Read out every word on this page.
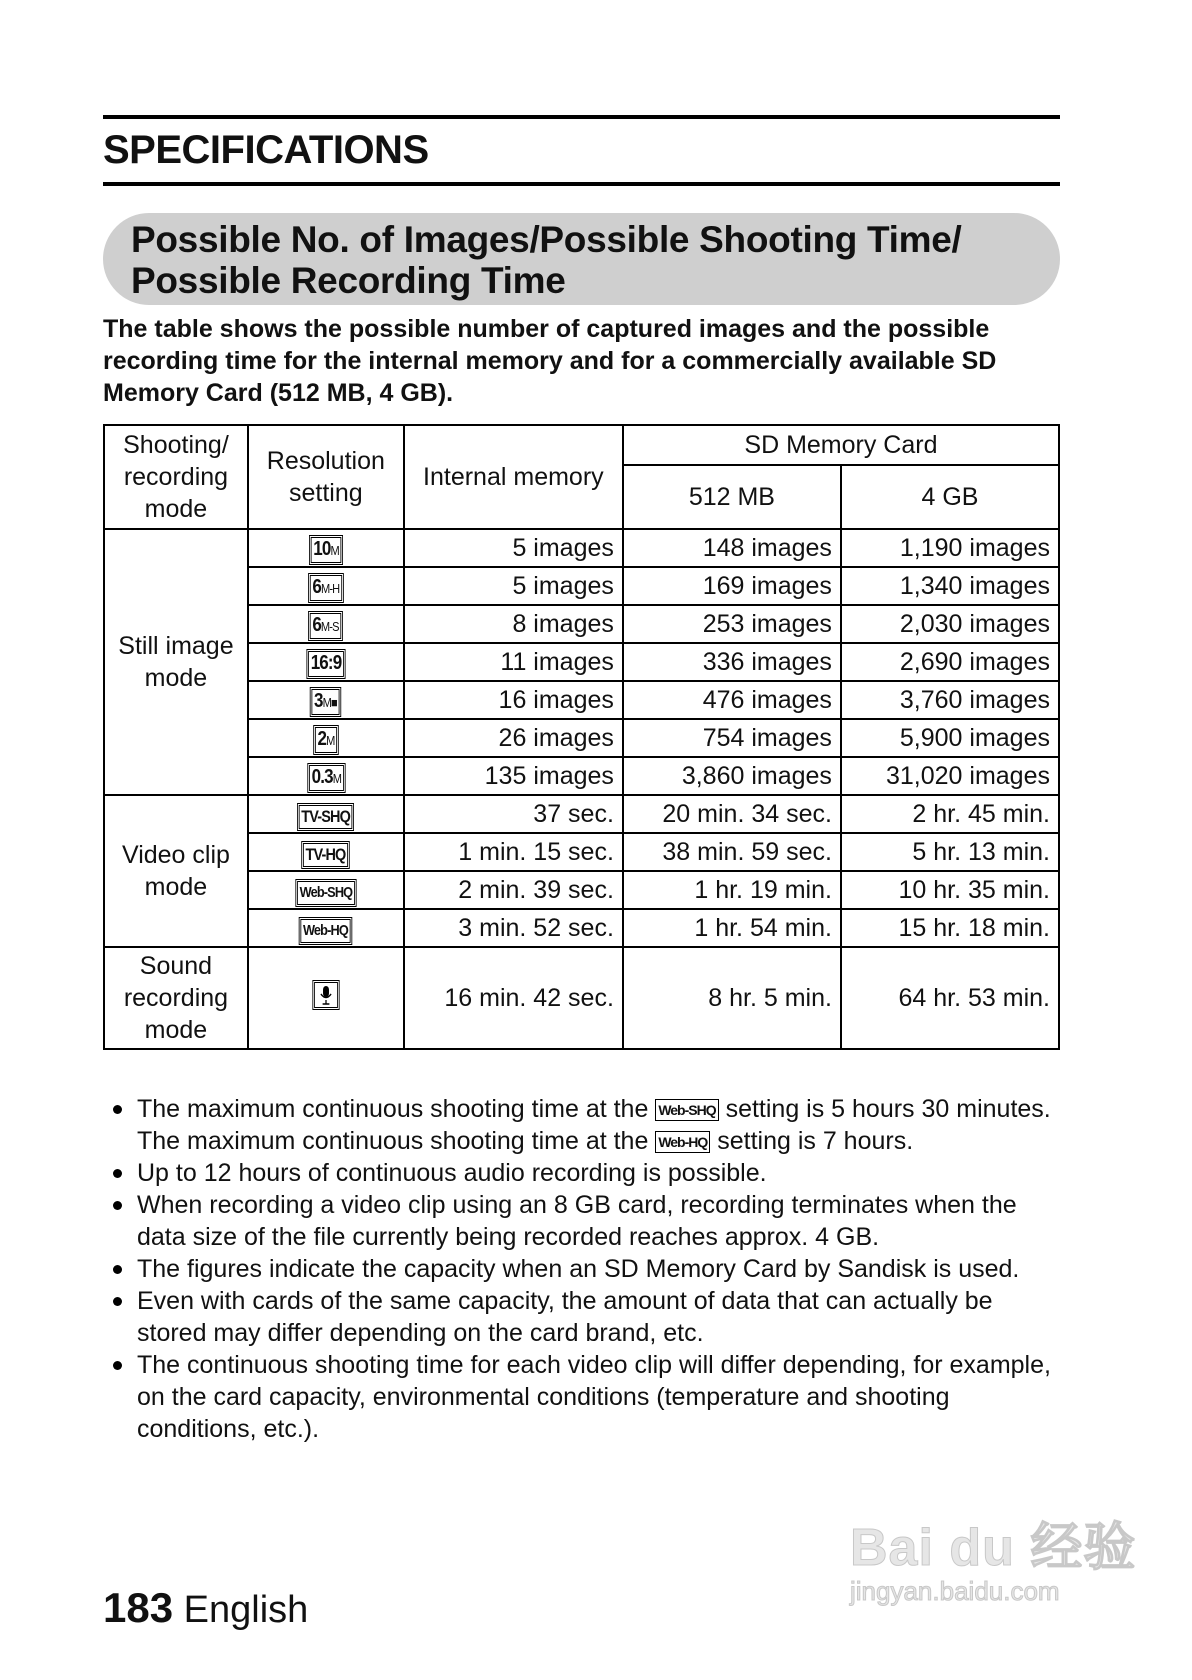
SPECIFICATIONS
Possible No. of Images/Possible Shooting Time/
Possible Recording Time
The table shows the possible number of captured images and the possible recording time for the internal memory and for a commercially available SD Memory Card (512 MB, 4 GB).
Shooting/ recording mode	Resolution setting	Internal memory	SD Memory Card	
			512 MB	4 GB
Still image mode	10M	5 images	148 images	1,190 images
	6M-H	5 images	169 images	1,340 images
	6M-S	8 images	253 images	2,030 images
	16:9	11 images	336 images	2,690 images
	3M■	16 images	476 images	3,760 images
	2M	26 images	754 images	5,900 images
	0.3M	135 images	3,860 images	31,020 images
Video clip mode	TV-SHQ	37 sec.	20 min. 34 sec.	2 hr. 45 min.
	TV-HQ	1 min. 15 sec.	38 min. 59 sec.	5 hr. 13 min.
	Web-SHQ	2 min. 39 sec.	1 hr. 19 min.	10 hr. 35 min.
	Web-HQ	3 min. 52 sec.	1 hr. 54 min.	15 hr. 18 min.
Sound recording mode		16 min. 42 sec.	8 hr. 5 min.	64 hr. 53 min.
The maximum continuous shooting time at the Web-SHQ setting is 5 hours 30 minutes. The maximum continuous shooting time at the Web-HQ setting is 7 hours.
Up to 12 hours of continuous audio recording is possible.
When recording a video clip using an 8 GB card, recording terminates when the data size of the file currently being recorded reaches approx. 4 GB.
The figures indicate the capacity when an SD Memory Card by Sandisk is used.
Even with cards of the same capacity, the amount of data that can actually be stored may differ depending on the card brand, etc.
The continuous shooting time for each video clip will differ depending, for example, on the card capacity, environmental conditions (temperature and shooting conditions, etc.).
183 English
Bai du 经验
jingyan.baidu.com
